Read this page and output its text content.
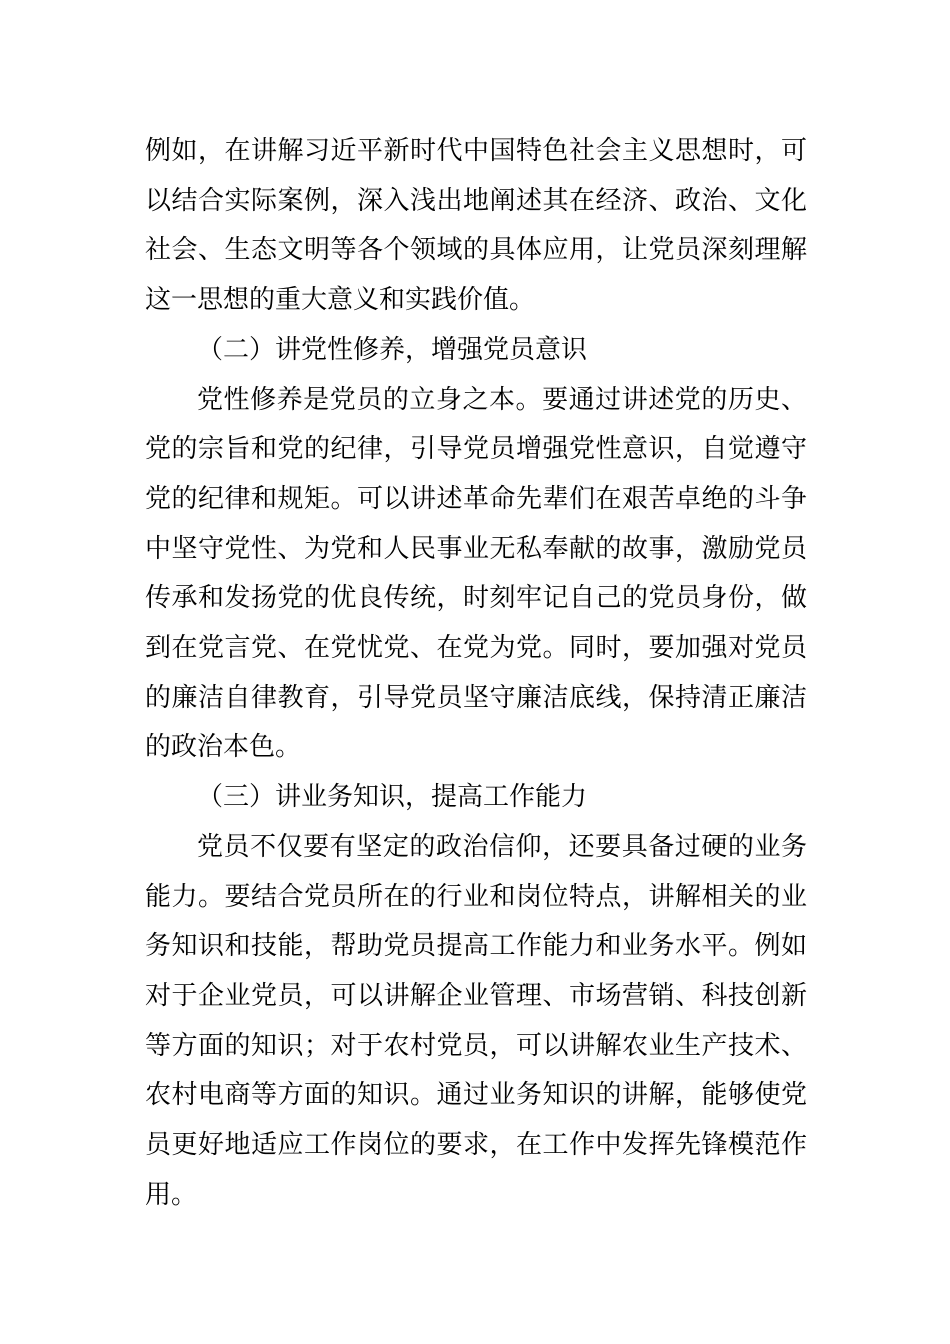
例如，在讲解习近平新时代中国特色社会主义思想时，可以结合实际案例，深入浅出地阐述其在经济、政治、文化社会、生态文明等各个领域的具体应用，让党员深刻理解这一思想的重大意义和实践价值。

（二）讲党性修养，增强党员意识

党性修养是党员的立身之本。要通过讲述党的历史、党的宗旨和党的纪律，引导党员增强党性意识，自觉遵守党的纪律和规矩。可以讲述革命先辈们在艰苦卓绝的斗争中坚守党性、为党和人民事业无私奉献的故事，激励党员传承和发扬党的优良传统，时刻牢记自己的党员身份，做到在党言党、在党忧党、在党为党。同时，要加强对党员的廉洁自律教育，引导党员坚守廉洁底线，保持清正廉洁的政治本色。

（三）讲业务知识，提高工作能力

党员不仅要有坚定的政治信仰，还要具备过硬的业务能力。要结合党员所在的行业和岗位特点，讲解相关的业务知识和技能，帮助党员提高工作能力和业务水平。例如对于企业党员，可以讲解企业管理、市场营销、科技创新等方面的知识；对于农村党员，可以讲解农业生产技术、农村电商等方面的知识。通过业务知识的讲解，能够使党员更好地适应工作岗位的要求，在工作中发挥先锋模范作用。
